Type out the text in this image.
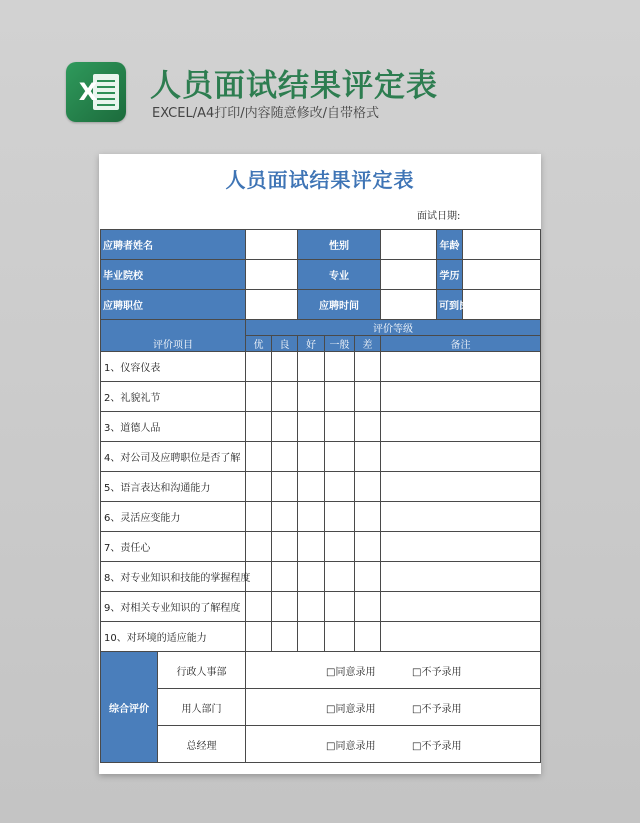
X 人员面试结果评定表
EXCEL/A4打印/内容随意修改/自带格式
人员面试结果评定表
面试日期:
应聘者姓名				性别				年龄	
毕业院校				专业				学历	
应聘职位				应聘时间				可到岗时间	
评价项目		评价等级							
		优	良	好	一般	差	备注		
1、仪容仪表									
2、礼貌礼节									
3、道德人品									
4、对公司及应聘职位是否了解									
5、语言表达和沟通能力									
6、灵活应变能力									
7、责任心									
8、对专业知识和技能的掌握程度									
9、对相关专业知识的了解程度									
10、对环境的适应能力									
综合评价	行政人事部	□同意录用 □不予录用							
	用人部门	□同意录用 □不予录用							
	总经理	□同意录用 □不予录用							
